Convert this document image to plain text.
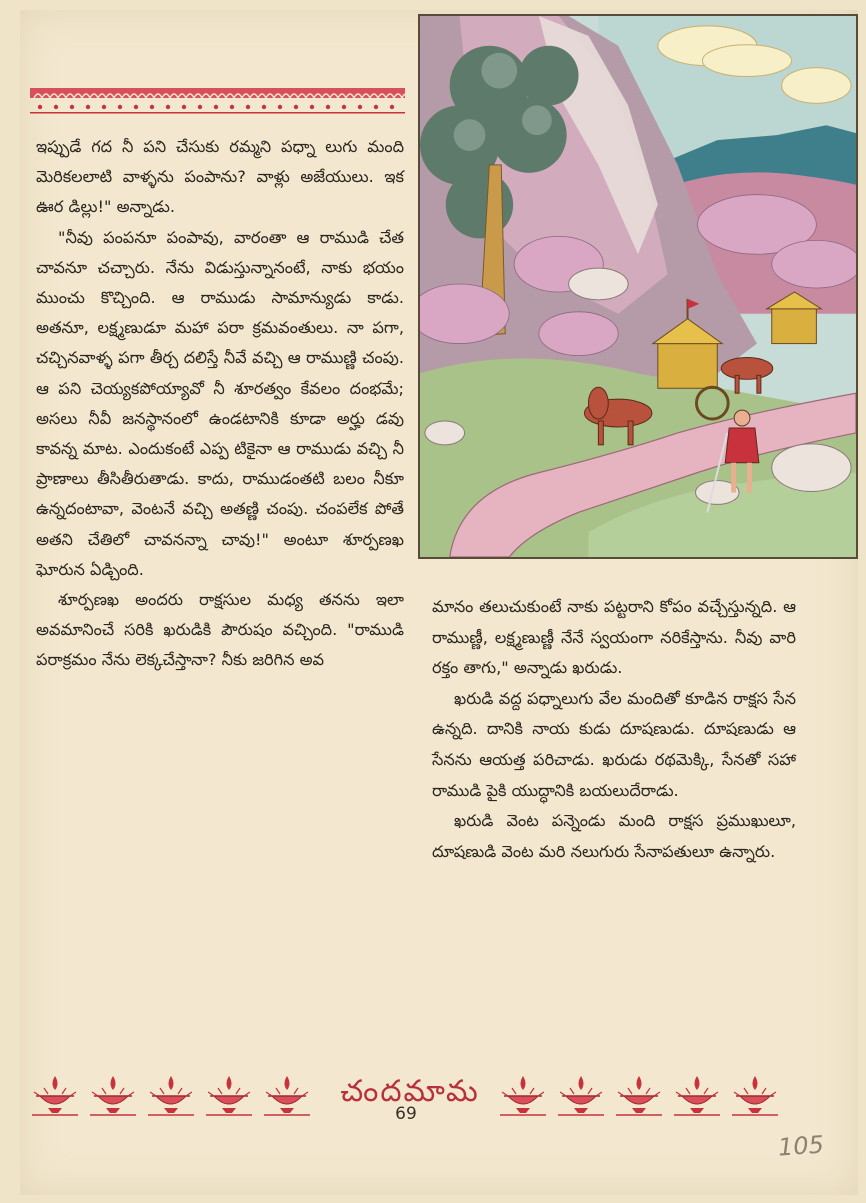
ఇప్పుడే గద నీ పని చేసుకు రమ్మని పధ్నా లుగు మంది మెరికలలాటి వాళ్ళను పంపాను? వాళ్లు అజేయులు. ఇక ఊర డిల్లు!" అన్నాడు.

"నీవు పంపనూ పంపావు, వారంతా ఆ రాముడి చేత చావనూ చచ్చారు. నేను విడుస్తున్నానంటే, నాకు భయం ముంచు కొచ్చింది. ఆ రాముడు సామాన్యుడు కాడు. అతనూ, లక్ష్మణుడూ మహా పరా క్రమవంతులు. నా పగా, చచ్చినవాళ్ళ పగా తీర్చ దలిస్తే నీవే వచ్చి ఆ రాముణ్ణి చంపు. ఆ పని చెయ్యకపోయ్యావో నీ శూరత్వం కేవలం దంభమే; అసలు నీవీ జనస్థానంలో ఉండటానికి కూడా అర్హు డవు కావన్న మాట. ఎందుకంటే ఎప్ప టికైనా ఆ రాముడు వచ్చి నీ ప్రాణాలు తీసితీరుతాడు. కాదు, రాముడంతటి బలం నీకూ ఉన్నదంటావా, వెంటనే వచ్చి అతణ్ణి చంపు. చంపలేక పోతే అతని చేతిలో చావనన్నా చావు!" అంటూ శూర్పణఖ ఘోరున ఏడ్చింది.

శూర్పణఖ అందరు రాక్షసుల మధ్య తనను ఇలా అవమానించే సరికి ఖరుడికి పౌరుషం వచ్చింది. "రాముడి పరాక్రమం నేను లెక్కచేస్తానా? నీకు జరిగిన అవ

మానం తలుచుకుంటే నాకు పట్టరాని కోపం వచ్చేస్తున్నది. ఆ రాముణ్ణీ, లక్ష్మణుణ్ణీ నేనే స్వయంగా నరికేస్తాను. నీవు వారి రక్తం తాగు," అన్నాడు ఖరుడు.

ఖరుడి వద్ద పధ్నాలుగు వేల మందితో కూడిన రాక్షస సేన ఉన్నది. దానికి నాయ కుడు దూషణుడు. దూషణుడు ఆ సేనను ఆయత్త పరిచాడు. ఖరుడు రథమెక్కి, సేనతో సహా రాముడి పైకి యుద్ధానికి బయలుదేరాడు.

ఖరుడి వెంట పన్నెండు మంది రాక్షస ప్రముఖులూ, దూషణుడి వెంట మరి నలుగురు సేనాపతులూ ఉన్నారు.

చందమామ
69
105
